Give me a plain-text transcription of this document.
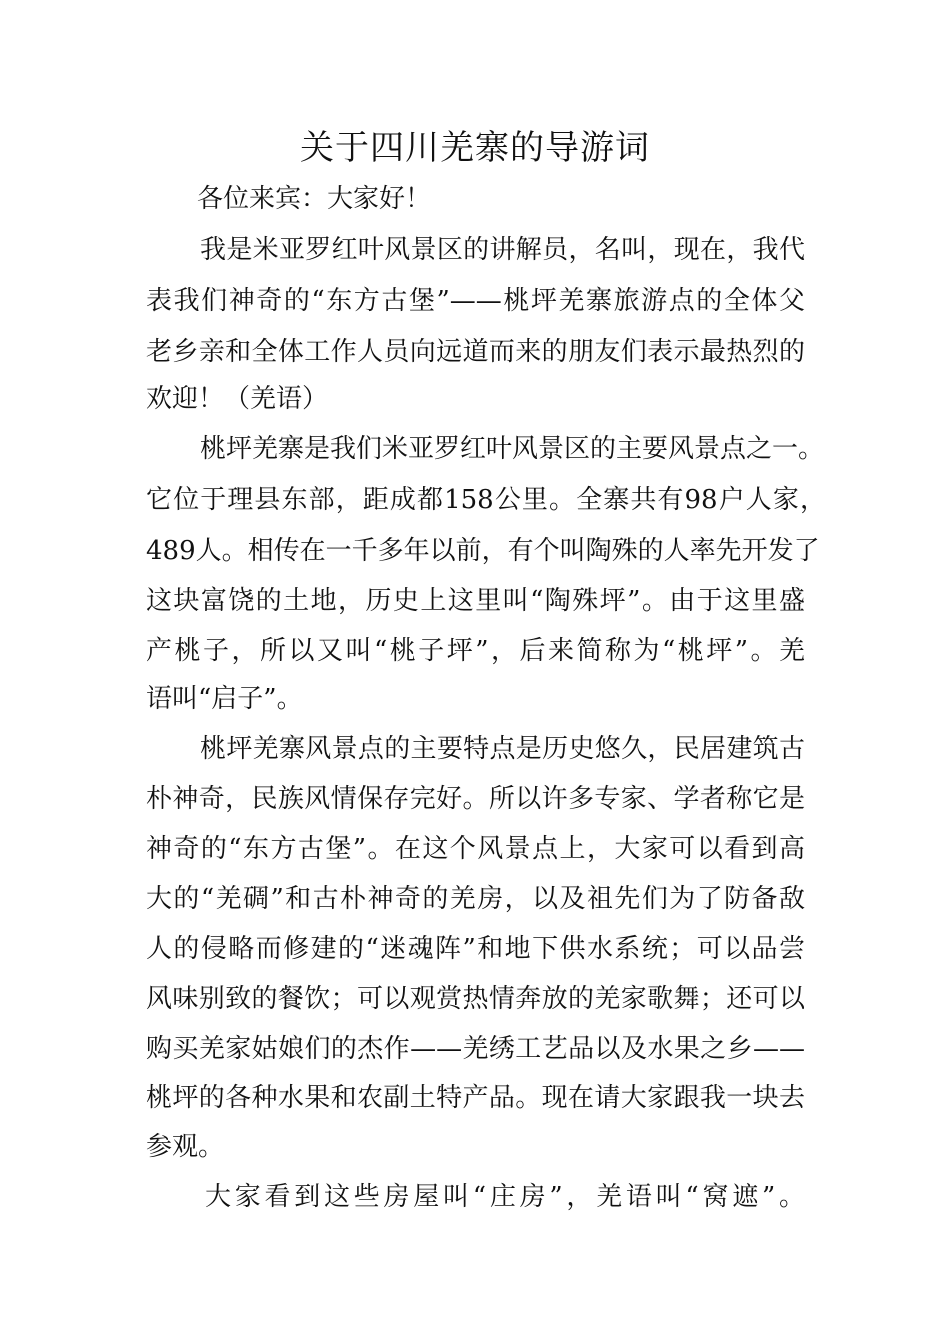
关于四川羌寨的导游词

各位来宾：大家好！

我是米亚罗红叶风景区的讲解员，名叫，现在，我代

表我们神奇的“东方古堡”——桃坪羌寨旅游点的全体父

老乡亲和全体工作人员向远道而来的朋友们表示最热烈的

欢迎！（羌语）

桃坪羌寨是我们米亚罗红叶风景区的主要风景点之一。

它位于理县东部，距成都158公里。全寨共有98户人家，

489人。相传在一千多年以前，有个叫陶殊的人率先开发了

这块富饶的土地，历史上这里叫“陶殊坪”。由于这里盛

产桃子，所以又叫“桃子坪”，后来简称为“桃坪”。羌

语叫“启子”。

桃坪羌寨风景点的主要特点是历史悠久，民居建筑古

朴神奇，民族风情保存完好。所以许多专家、学者称它是

神奇的“东方古堡”。在这个风景点上，大家可以看到高

大的“羌碉”和古朴神奇的羌房，以及祖先们为了防备敌

人的侵略而修建的“迷魂阵”和地下供水系统；可以品尝

风味别致的餐饮；可以观赏热情奔放的羌家歌舞；还可以

购买羌家姑娘们的杰作——羌绣工艺品以及水果之乡——

桃坪的各种水果和农副土特产品。现在请大家跟我一块去

参观。

大家看到这些房屋叫“庄房”，羌语叫“窝遮”。
